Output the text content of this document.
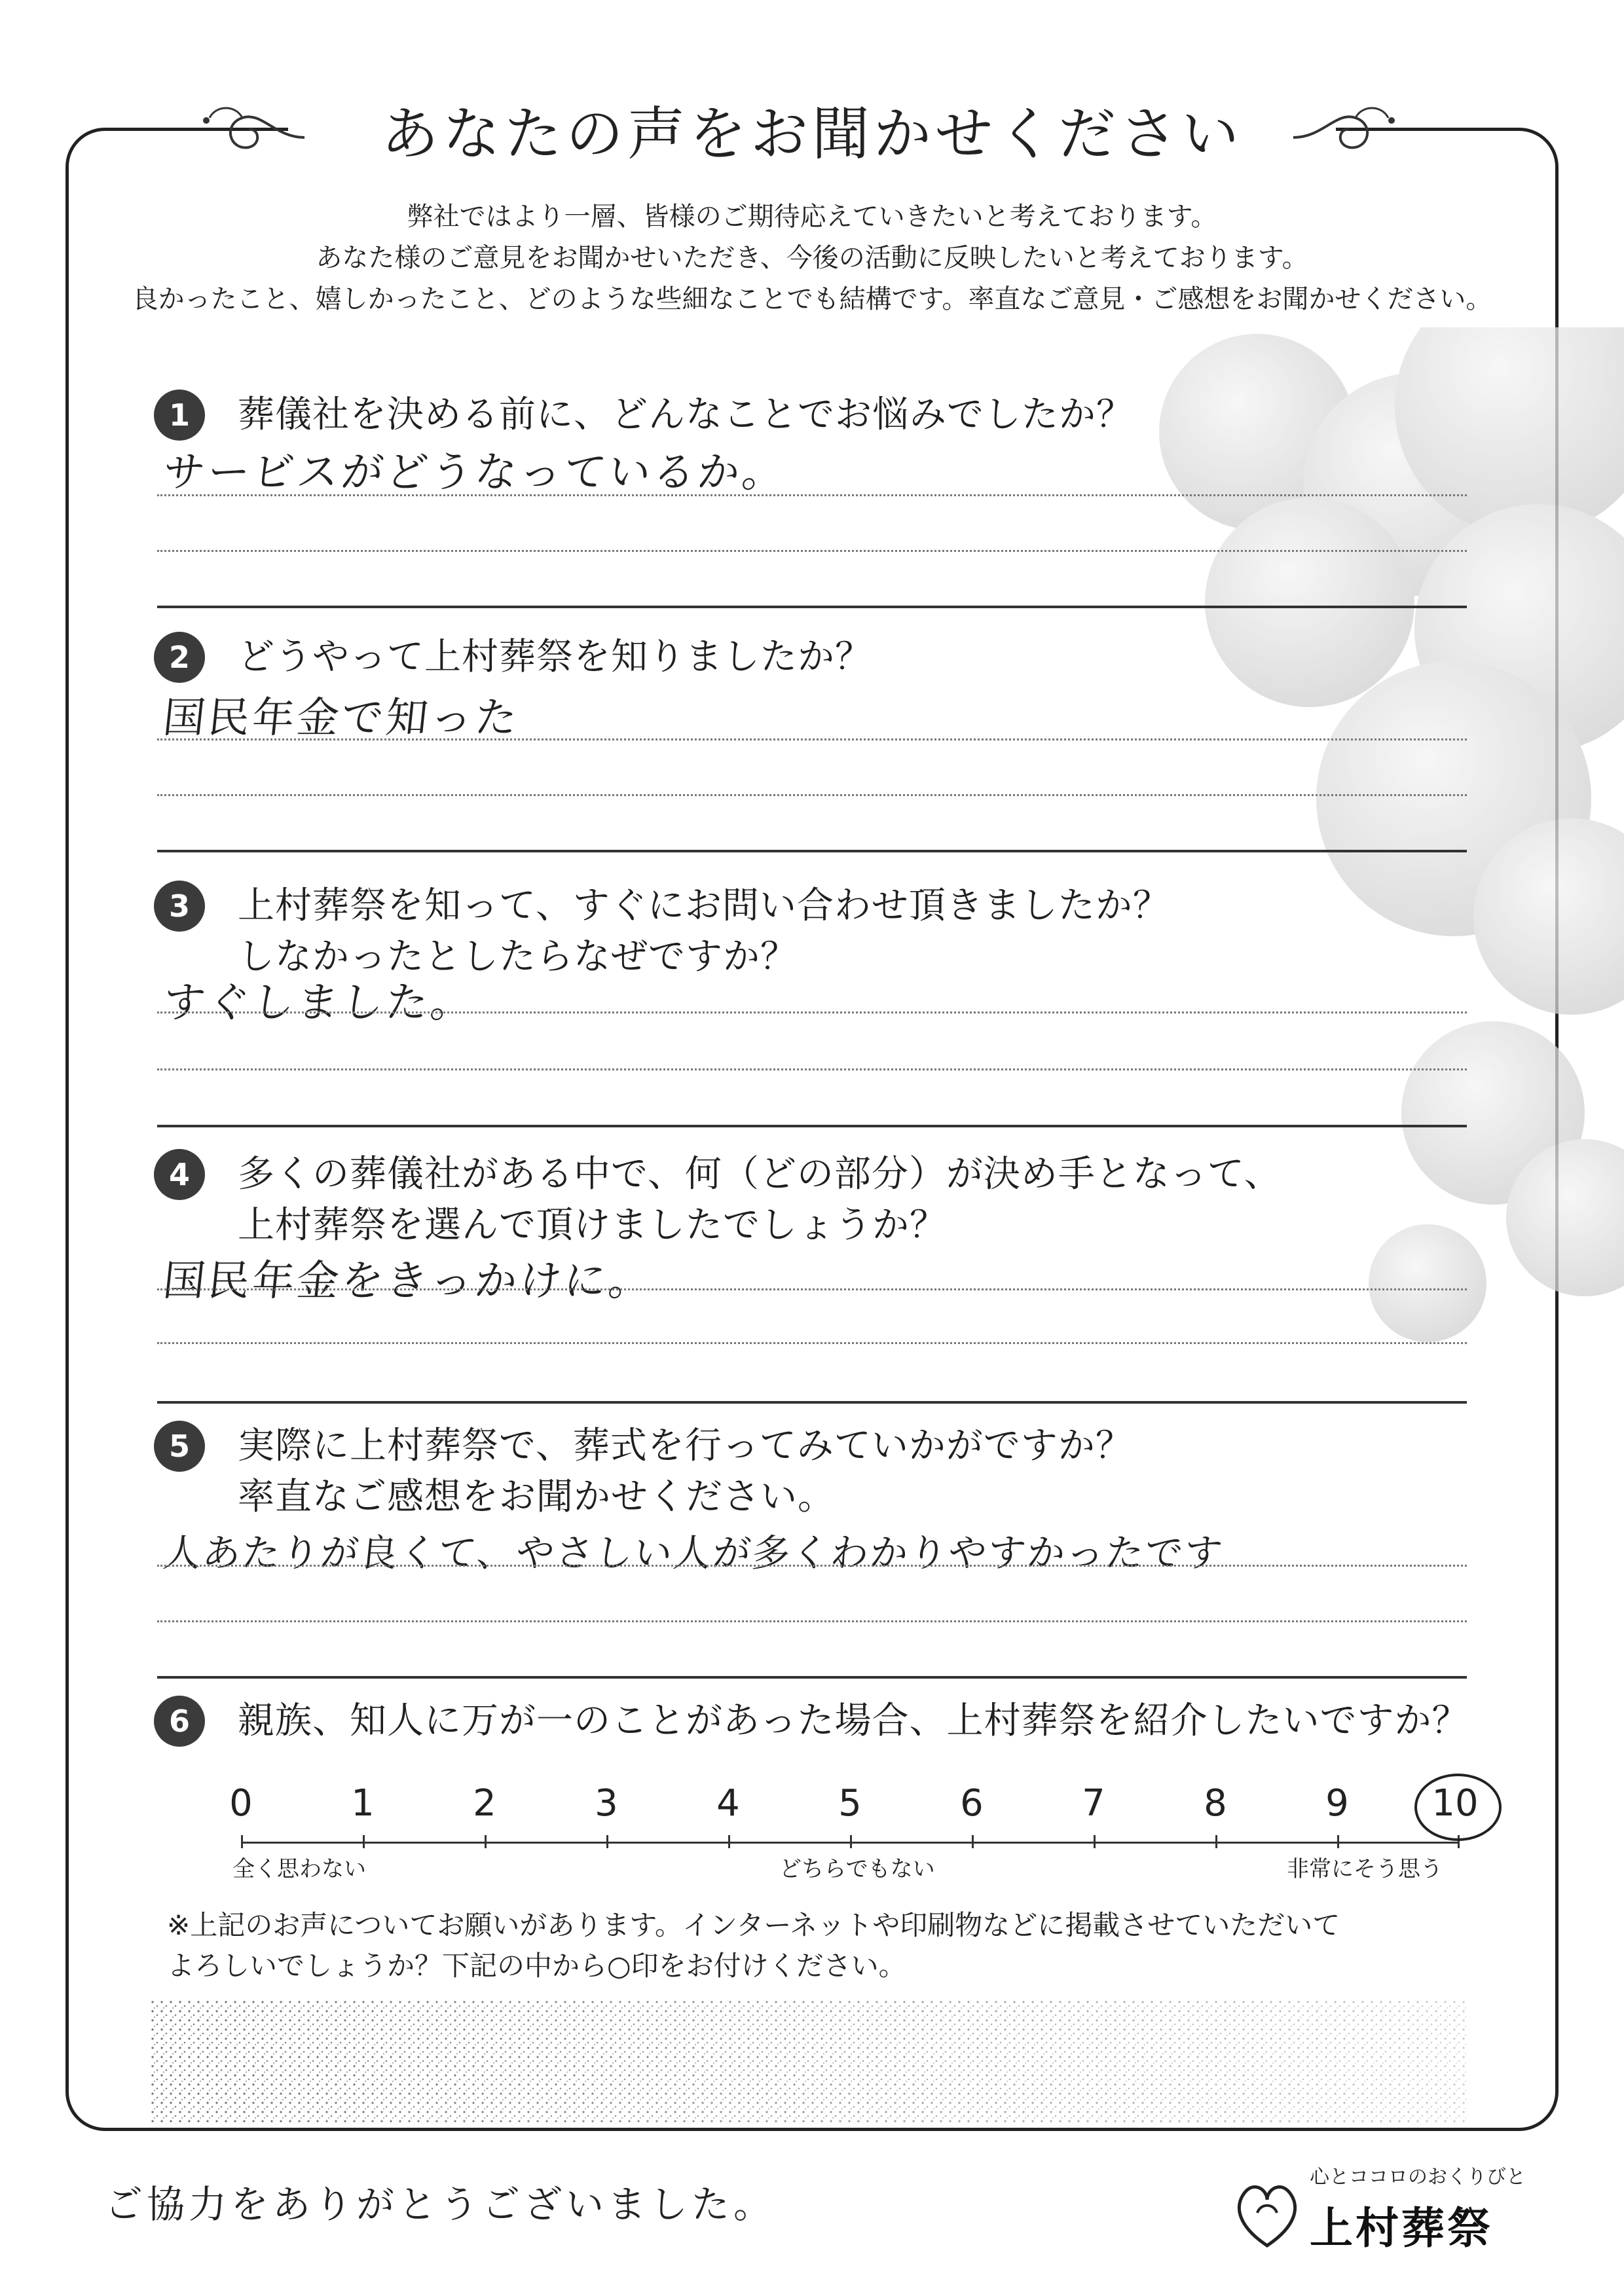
あなたの声をお聞かせください
弊社ではより一層、皆様のご期待応えていきたいと考えております。
あなた様のご意見をお聞かせいただき、今後の活動に反映したいと考えております。
良かったこと、嬉しかったこと、どのような些細なことでも結構です。率直なご意見・ご感想をお聞かせください。
1	葬儀社を決める前に、どんなことでお悩みでしたか？
サービスがどうなっているか。
2	どうやって上村葬祭を知りましたか？
国民年金で知った
3	上村葬祭を知って、すぐにお問い合わせ頂きましたか？
しなかったとしたらなぜですか？
すぐしました。
4	多くの葬儀社がある中で、何（どの部分）が決め手となって、
上村葬祭を選んで頂けましたでしょうか？
国民年金をきっかけに。
5	実際に上村葬祭で、葬式を行ってみていかがですか？
率直なご感想をお聞かせください。
人あたりが良くて、やさしい人が多くわかりやすかったです
6	親族、知人に万が一のことがあった場合、上村葬祭を紹介したいですか？
0	1	2	3	4	5	6	7	8	9	10
全く思わない	どちらでもない	非常にそう思う
※上記のお声についてお願いがあります。インターネットや印刷物などに掲載させていただいて
よろしいでしょうか？下記の中から○印をお付けください。
ご協力をありがとうございました。
心とココロのおくりびと
上村葬祭
